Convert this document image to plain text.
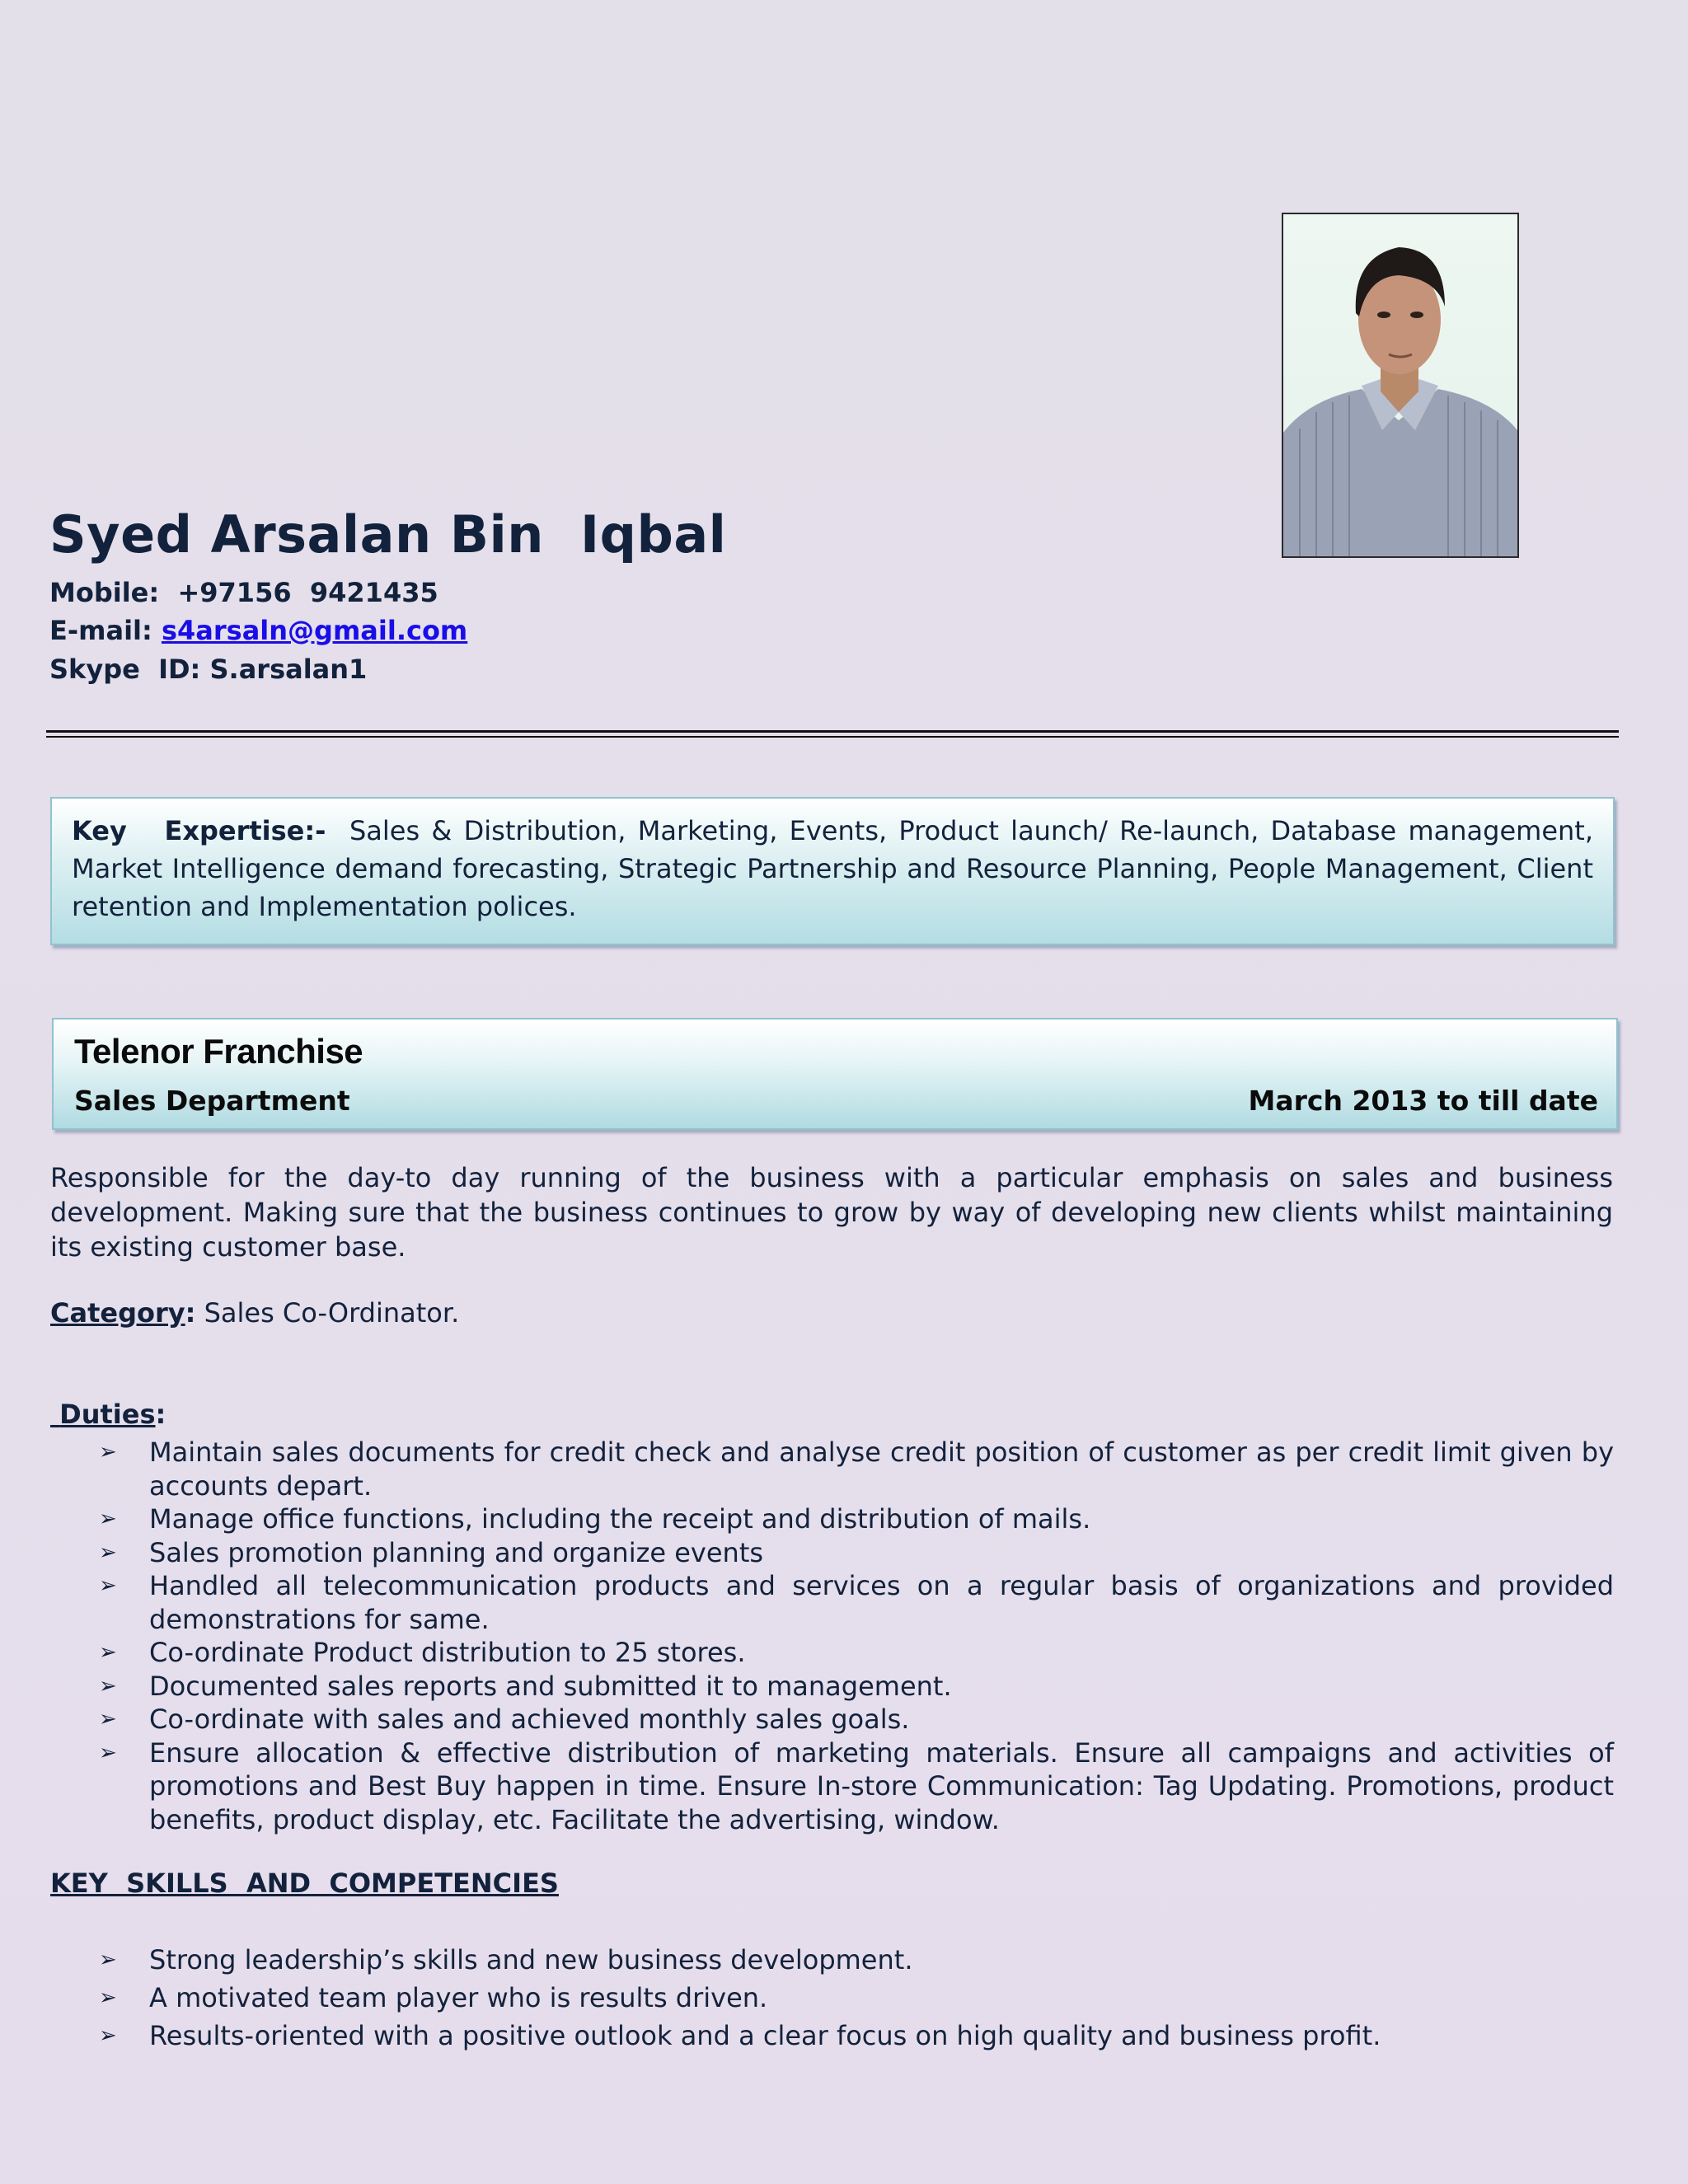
Syed Arsalan Bin  Iqbal
Mobile: +97156  9421435
E-mail: s4arsaln@gmail.com
Skype  ID: S.arsalan1
Key   Expertise:- Sales & Distribution, Marketing, Events, Product launch/ Re-launch, Database management, Market Intelligence demand forecasting, Strategic Partnership and Resource Planning, People Management, Client retention and Implementation polices.
Telenor Franchise
Sales Department	March 2013 to till date
Responsible for the day-to day running of the business with a particular emphasis on sales and business development. Making sure that the business continues to grow by way of developing new clients whilst maintaining its existing customer base.
Category: Sales Co-Ordinator.
Duties:
➢ Maintain sales documents for credit check and analyse credit position of customer as per credit limit given by accounts depart.
➢ Manage office functions, including the receipt and distribution of mails.
➢ Sales promotion planning and organize events
➢ Handled all telecommunication products and services on a regular basis of organizations and provided demonstrations for same.
➢ Co-ordinate Product distribution to 25 stores.
➢ Documented sales reports and submitted it to management.
➢ Co-ordinate with sales and achieved monthly sales goals.
➢ Ensure allocation & effective distribution of marketing materials. Ensure all campaigns and activities of promotions and Best Buy happen in time. Ensure In-store Communication: Tag Updating. Promotions, product benefits, product display, etc. Facilitate the advertising, window.
KEY  SKILLS  AND  COMPETENCIES
➢ Strong leadership’s skills and new business development.
➢ A motivated team player who is results driven.
➢ Results-oriented with a positive outlook and a clear focus on high quality and business profit.
